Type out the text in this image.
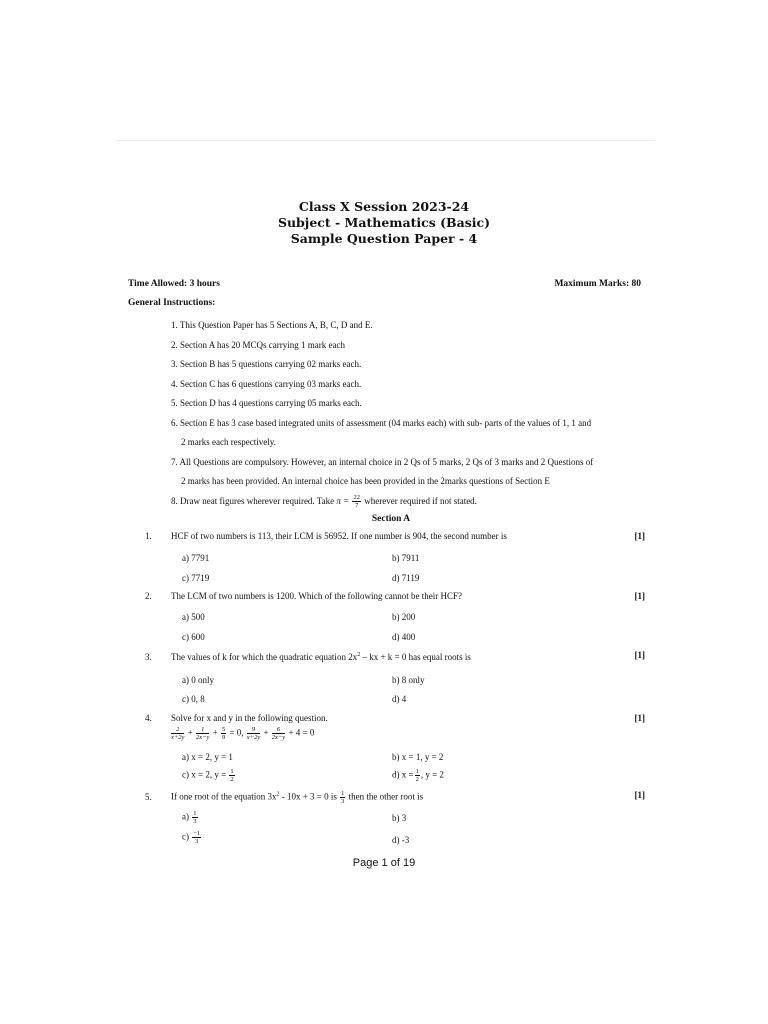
Class X Session 2023-24
Subject - Mathematics (Basic)
Sample Question Paper - 4
Time Allowed: 3 hours	Maximum Marks: 80
General Instructions:

1. This Question Paper has 5 Sections A, B, C, D and E.

2. Section A has 20 MCQs carrying 1 mark each

3. Section B has 5 questions carrying 02 marks each.

4. Section C has 6 questions carrying 03 marks each.

5. Section D has 4 questions carrying 05 marks each.

6. Section E has 3 case based integrated units of assessment (04 marks each) with sub- parts of the values of 1, 1 and

2 marks each respectively.

7. All Questions are compulsory. However, an internal choice in 2 Qs of 5 marks, 2 Qs of 3 marks and 2 Questions of

2 marks has been provided. An internal choice has been provided in the 2marks questions of Section E

8. Draw neat figures wherever required. Take $\pi = \frac{22}{7}$ wherever required if not stated.

Section A
1. HCF of two numbers is 113, their LCM is 56952. If one number is 904, the second number is	[1]
a) 7791	b) 7911
c) 7719	d) 7119
2. The LCM of two numbers is 1200. Which of the following cannot be their HCF?	[1]
a) 500	b) 200
c) 600	d) 400
3. The values of k for which the quadratic equation $2x^2$ – kx + k = 0 has equal roots is	[1]
a) 0 only	b) 8 only
c) 0, 8	d) 4
4. Solve for x and y in the following question.	[1]
$\frac{2}{x+2y} + \frac{1}{2x-y} + \frac{5}{9} = 0$, $\frac{9}{x+2y} + \frac{6}{2x-y} + 4 = 0$
a) x = 2, y = 1	b) x = 1, y = 2
c) x = 2, $y = \frac{1}{2}$	d) $x = \frac{1}{2}$ , y = 2
5. If one root of the equation $3x^2 - 10x + 3 = 0$ is $\frac{1}{3}$ then the other root is	[1]
$a) \frac{1}{3}$	b) 3
$c) \frac{-1}{3}$	d) -3
Page 1 of 19
